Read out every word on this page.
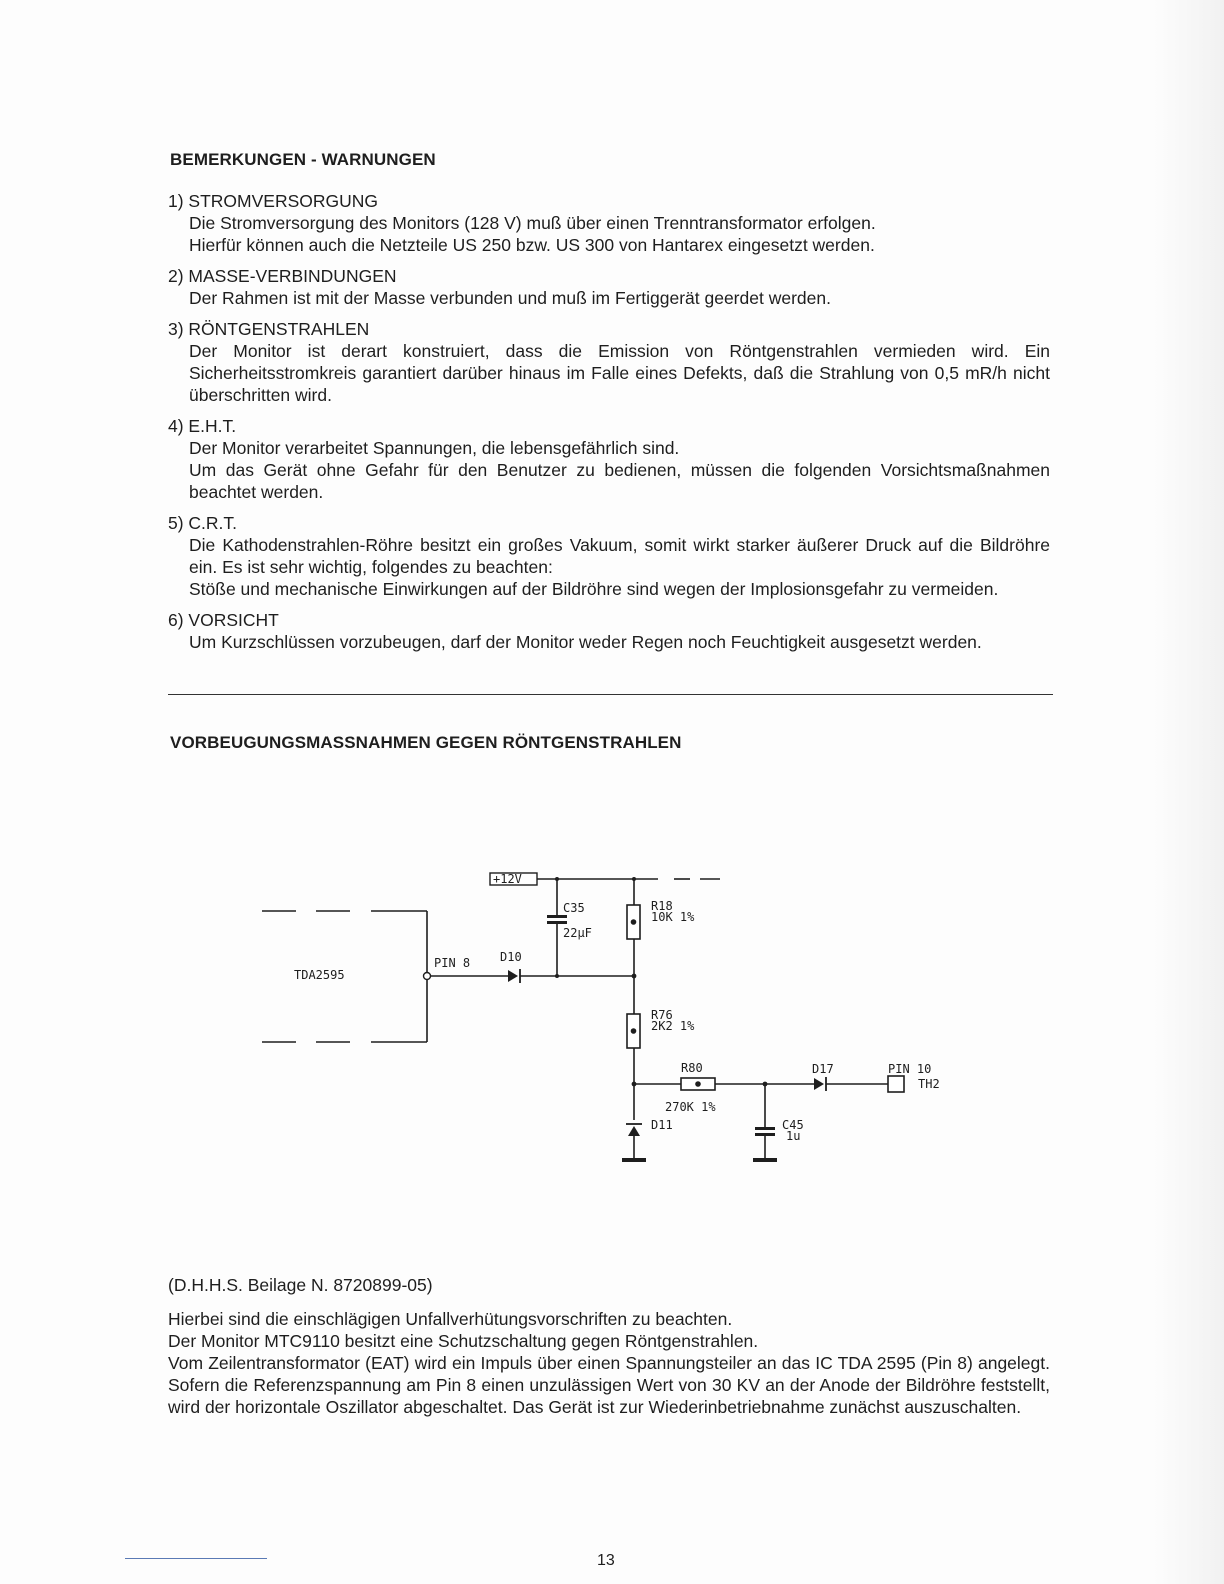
BEMERKUNGEN - WARNUNGEN
1) STROMVERSORGUNG

Die Stromversorgung des Monitors (128 V) muß über einen Trenntransformator erfolgen.

Hierfür können auch die Netzteile US 250 bzw. US 300 von Hantarex eingesetzt werden.

2) MASSE-VERBINDUNGEN

Der Rahmen ist mit der Masse verbunden und muß im Fertiggerät geerdet werden.

3) RÖNTGENSTRAHLEN

Der Monitor ist derart konstruiert, dass die Emission von Röntgenstrahlen vermieden wird. Ein Sicherheitsstromkreis garantiert darüber hinaus im Falle eines Defekts, daß die Strahlung von 0,5 mR/h nicht überschritten wird.

4) E.H.T.

Der Monitor verarbeitet Spannungen, die lebensgefährlich sind.

Um das Gerät ohne Gefahr für den Benutzer zu bedienen, müssen die folgenden Vorsichtsmaßnahmen beachtet werden.

5) C.R.T.

Die Kathodenstrahlen-Röhre besitzt ein großes Vakuum, somit wirkt starker äußerer Druck auf die Bildröhre ein. Es ist sehr wichtig, folgendes zu beachten:

Stöße und mechanische Einwirkungen auf der Bildröhre sind wegen der Implosionsgefahr zu vermeiden.

6) VORSICHT

Um Kurzschlüssen vorzubeugen, darf der Monitor weder Regen noch Feuchtigkeit ausgesetzt werden.

VORBEUGUNGSMASSNAHMEN GEGEN RÖNTGENSTRAHLEN
+12V
TDA2595
PIN 8 D10
C35
22µF
R18
10K 1%
R76
2K2 1%
R80
270K 1%
D11	C45
1u
D17	PIN 10
TH2

(D.H.H.S. Beilage N. 8720899-05)

Hierbei sind die einschlägigen Unfallverhütungsvorschriften zu beachten.

Der Monitor MTC9110 besitzt eine Schutzschaltung gegen Röntgenstrahlen.

Vom Zeilentransformator (EAT) wird ein Impuls über einen Spannungsteiler an das IC TDA 2595 (Pin 8) angelegt. Sofern die Referenzspannung am Pin 8 einen unzulässigen Wert von 30 KV an der Anode der Bildröhre feststellt, wird der horizontale Oszillator abgeschaltet. Das Gerät ist zur Wiederinbetriebnahme zunächst auszuschalten.

13
